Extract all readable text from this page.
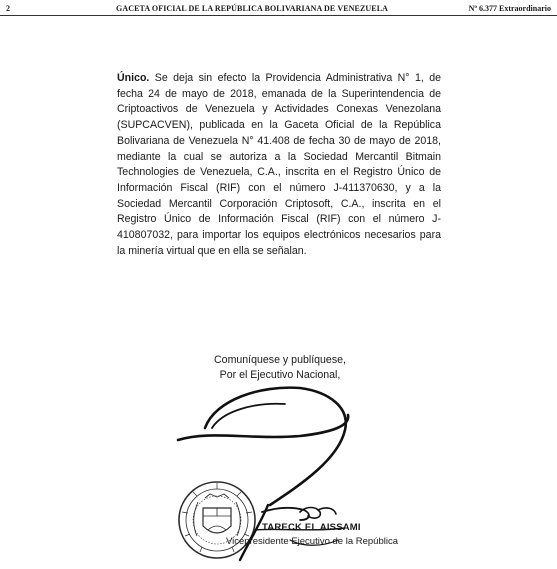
2	GACETA OFICIAL DE LA REPÚBLICA BOLIVARIANA DE VENEZUELA	Nº 6.377 Extraordinario

Único. Se deja sin efecto la Providencia Administrativa N° 1, de fecha 24 de mayo de 2018, emanada de la Superintendencia de Criptoactivos de Venezuela y Actividades Conexas Venezolana (SUPCACVEN), publicada en la Gaceta Oficial de la República Bolivariana de Venezuela N° 41.408 de fecha 30 de mayo de 2018, mediante la cual se autoriza a la Sociedad Mercantil Bitmain Technologies de Venezuela, C.A., inscrita en el Registro Único de Información Fiscal (RIF) con el número J-411370630, y a la Sociedad Mercantil Corporación Criptosoft, C.A., inscrita en el Registro Único de Información Fiscal (RIF) con el número J-410807032, para importar los equipos electrónicos necesarios para la minería virtual que en ella se señalan.

Comuníquese y publíquese,
Por el Ejecutivo Nacional,
TARECK EL AISSAMI
Vicepresidente Ejecutivo de la República
